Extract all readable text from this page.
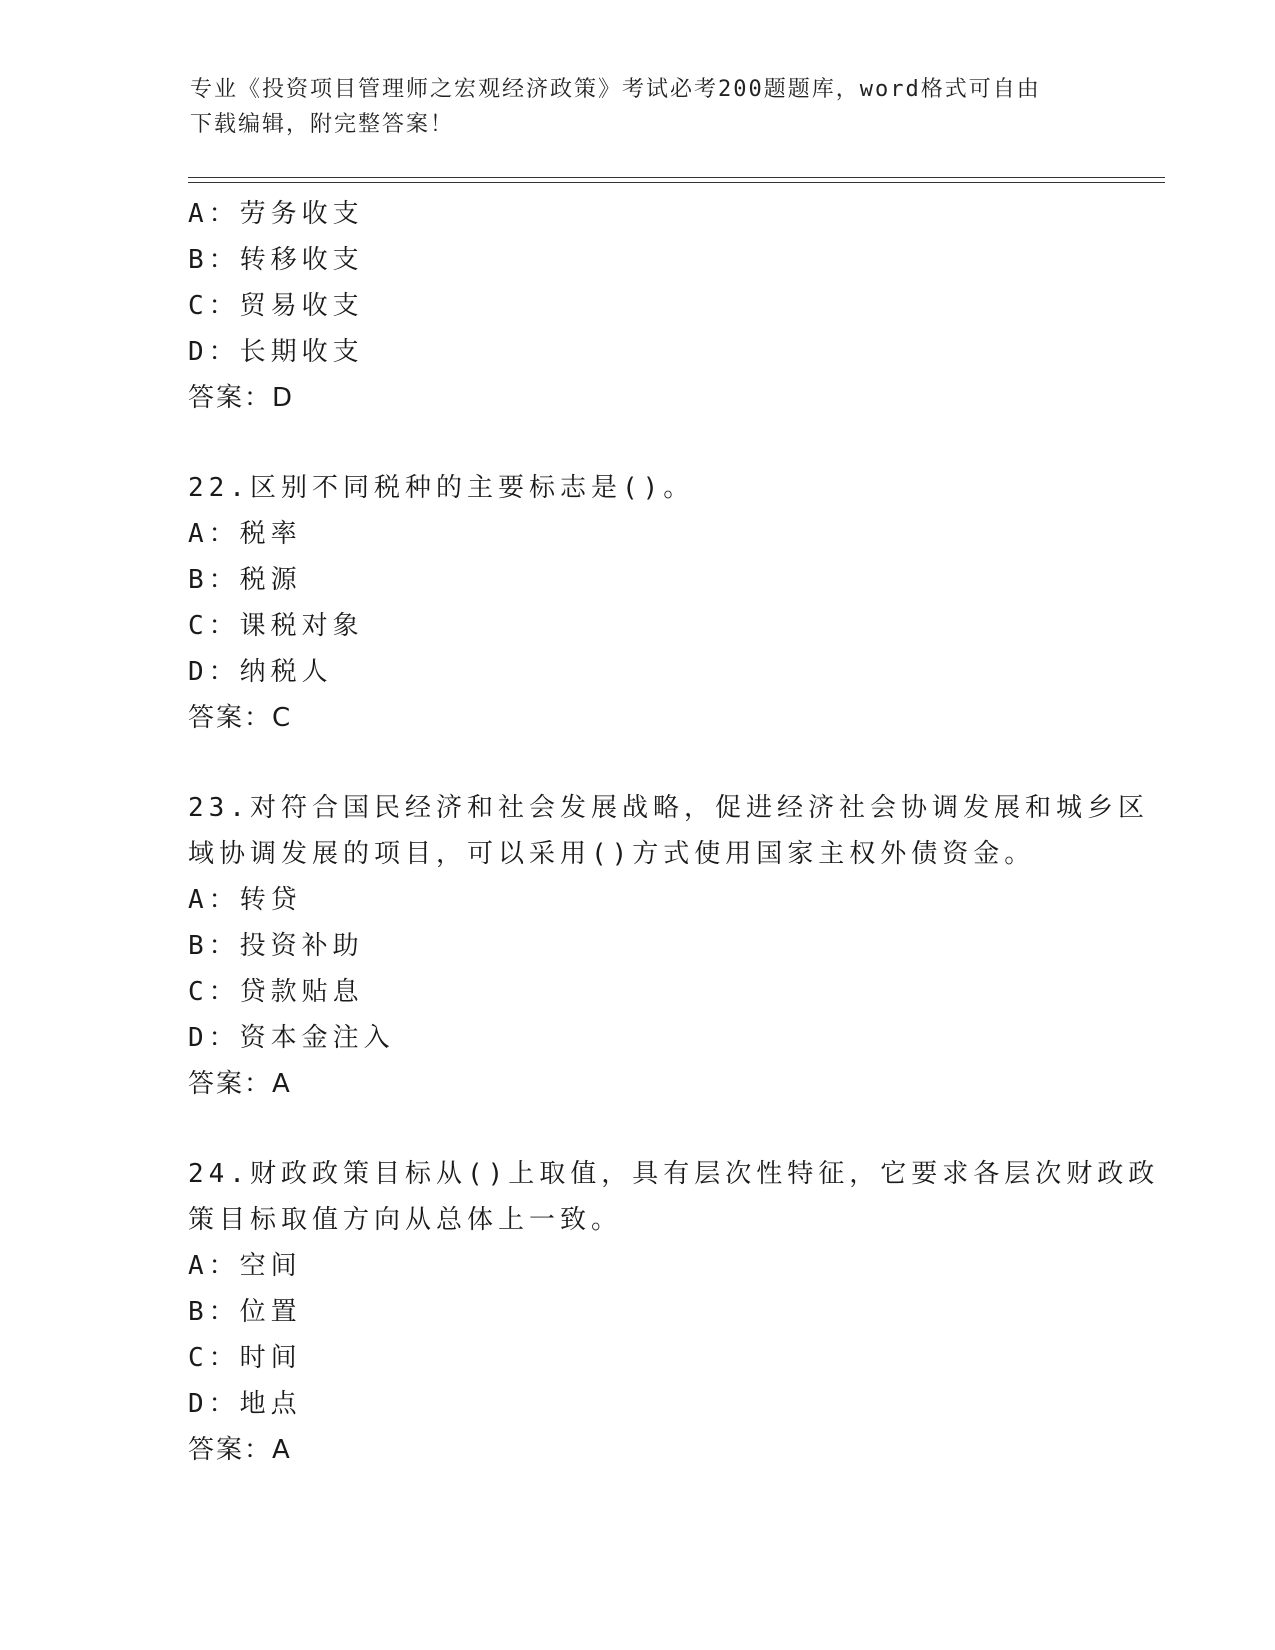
专业《投资项目管理师之宏观经济政策》考试必考200题题库，word格式可自由
下载编辑，附完整答案！
A：劳务收支
B：转移收支
C：贸易收支
D：长期收支
答案：D
22.区别不同税种的主要标志是()。
A：税率
B：税源
C：课税对象
D：纳税人
答案：C
23.对符合国民经济和社会发展战略，促进经济社会协调发展和城乡区
域协调发展的项目，可以采用()方式使用国家主权外债资金。
A：转贷
B：投资补助
C：贷款贴息
D：资本金注入
答案：A
24.财政政策目标从()上取值，具有层次性特征，它要求各层次财政政
策目标取值方向从总体上一致。
A：空间
B：位置
C：时间
D：地点
答案：A
